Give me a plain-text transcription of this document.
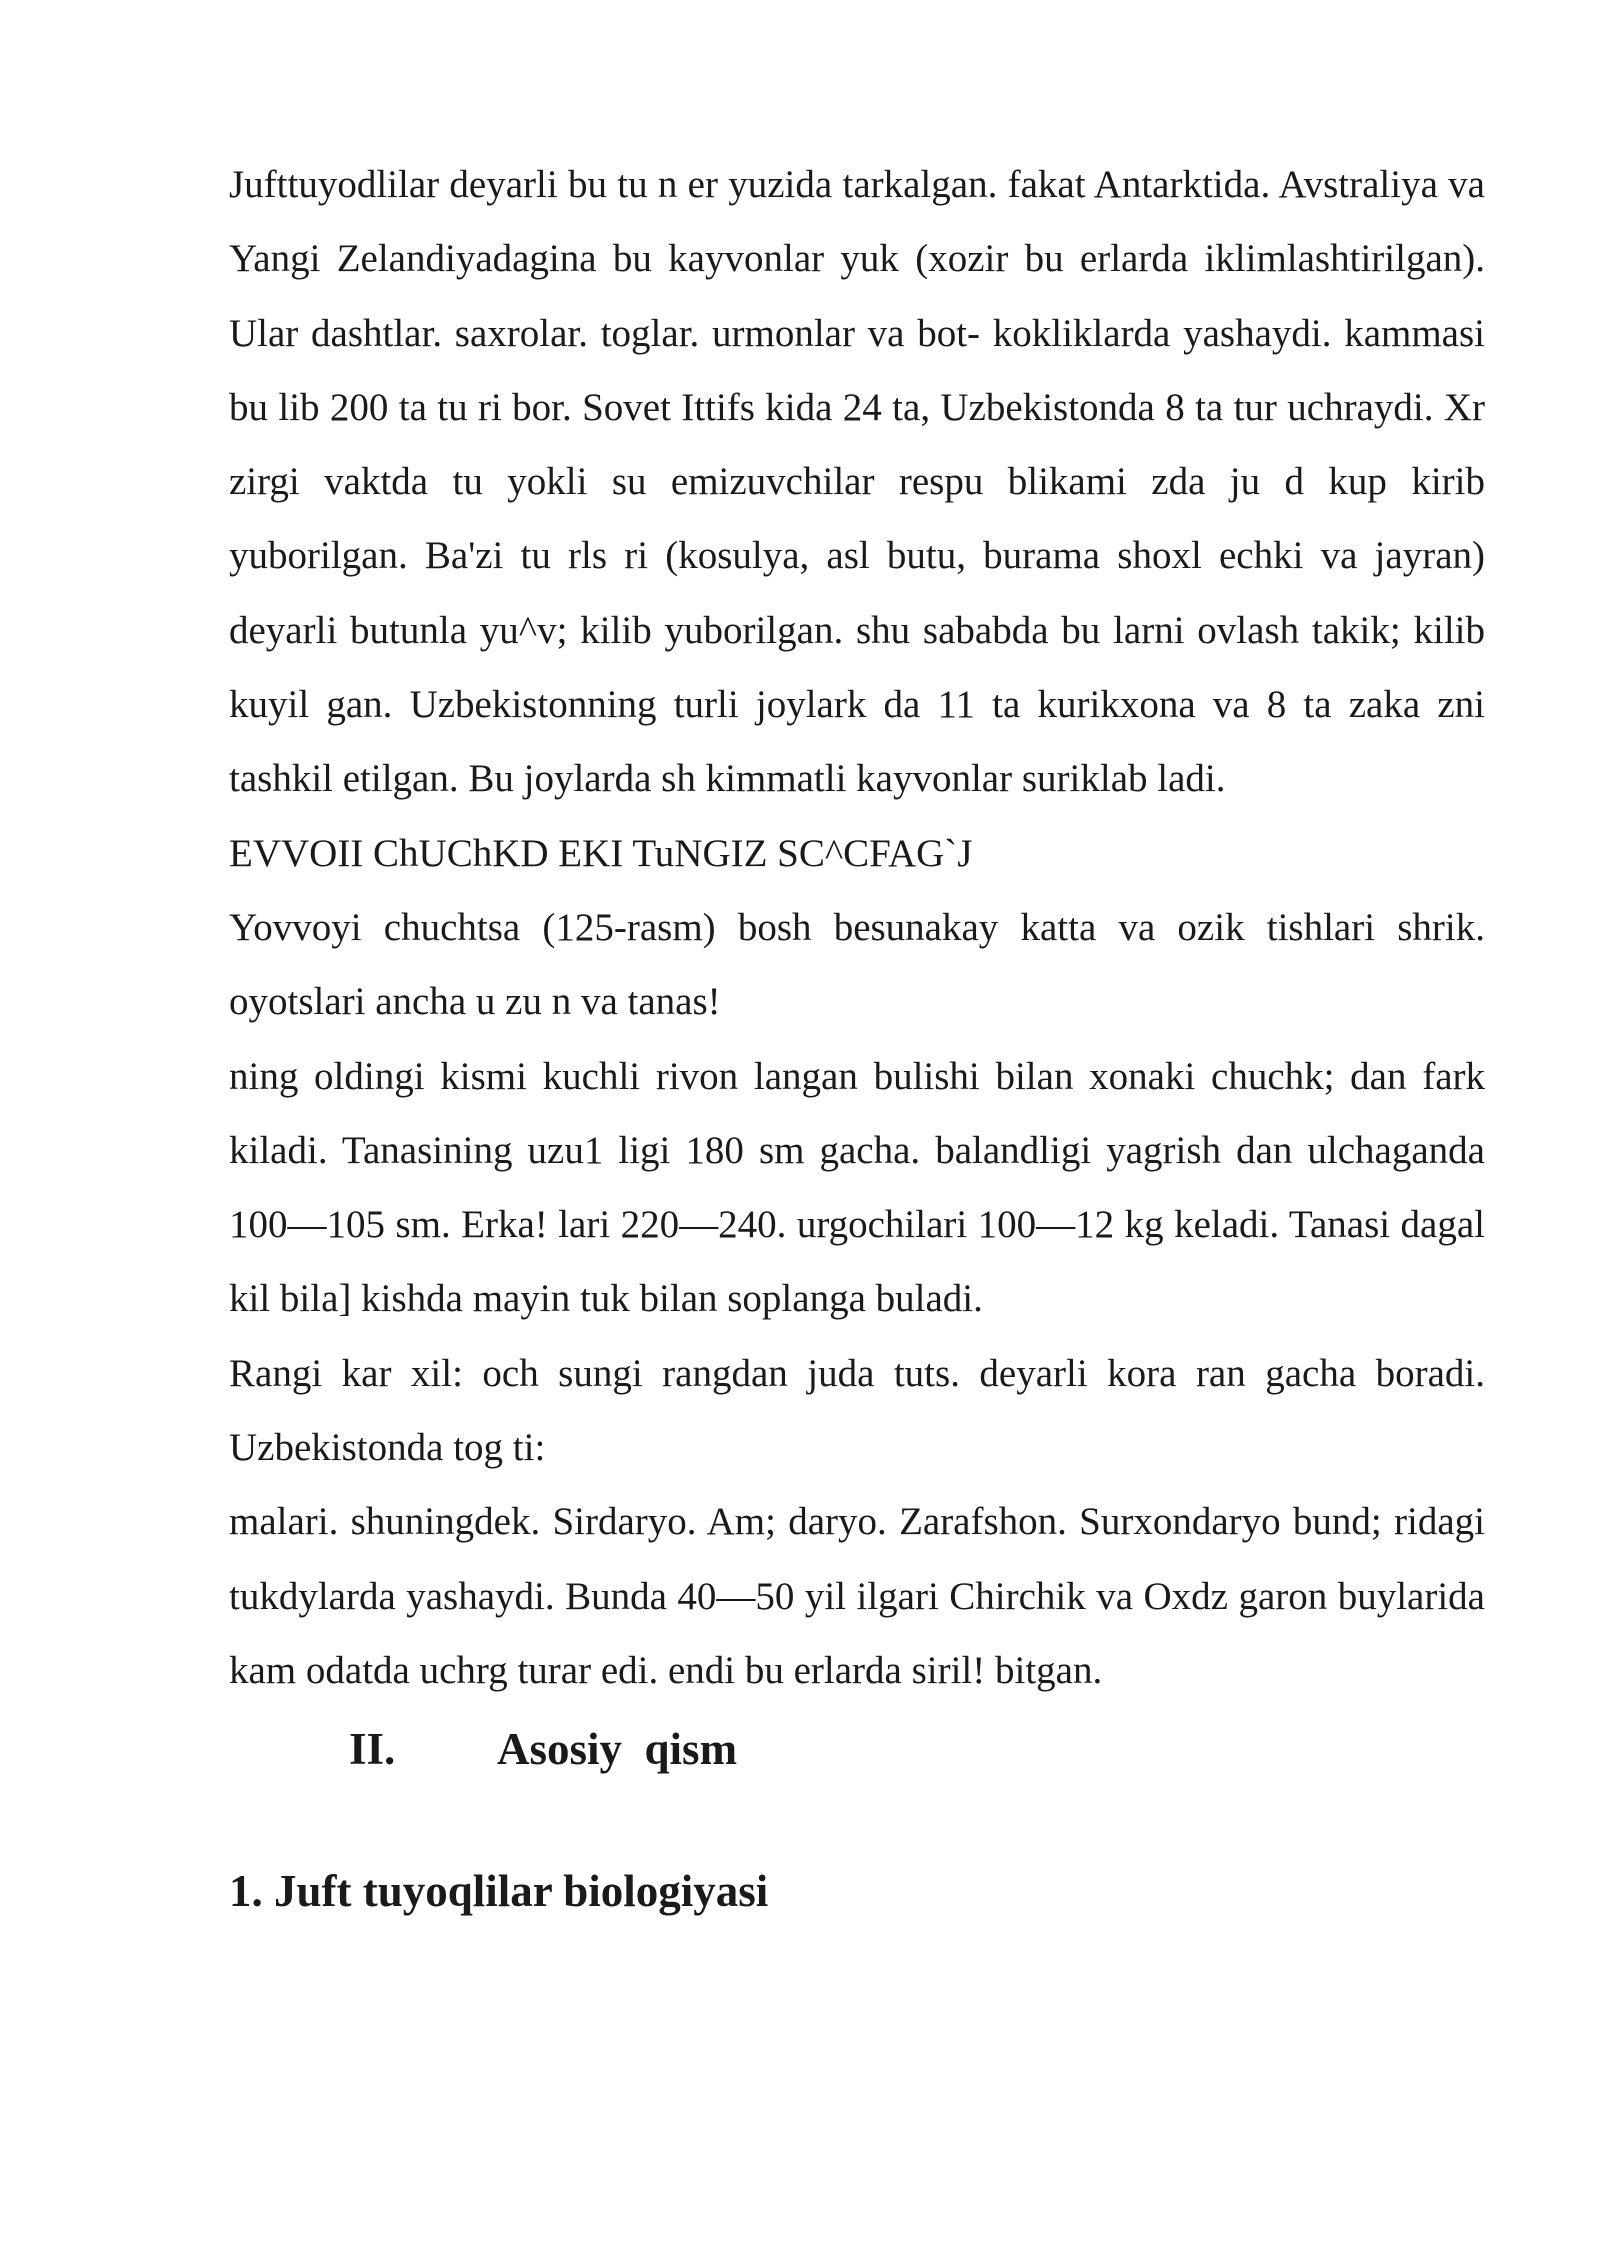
Jufttuyodlilar deyarli bu tu n er yuzida tarkalgan. fakat Antarktida. Avstraliya va Yangi Zelandiyadagina bu kayvonlar yuk (xozir bu erlarda iklimlashtirilgan). Ular dashtlar. saxrolar. toglar. urmonlar va bot- kokliklarda yashaydi. kammasi bu lib 200 ta tu ri bor. Sovet Ittifs kida 24 ta, Uzbekistonda 8 ta tur uchraydi. Xr zirgi vaktda tu yokli su emizuvchilar respu blikami zda ju d kup kirib yuborilgan. Ba'zi tu rls ri (kosulya, asl butu, burama shoxl echki va jayran) deyarli butunla yu^v; kilib yuborilgan. shu sababda bu larni ovlash takik; kilib kuyil gan. Uzbekistonning turli joylark da 11 ta kurikxona va 8 ta zaka zni tashkil etilgan. Bu joylarda sh kimmatli kayvonlar suriklab ladi.

EVVOII ChUChKD EKI TuNGIZ SC^CFAG`J

Yovvoyi chuchtsa (125-rasm) bosh besunakay katta va ozik tishlari shrik. oyotslari ancha u zu n va tanas!

ning oldingi kismi kuchli rivon langan bulishi bilan xonaki chuchk; dan fark kiladi. Tanasining uzu1 ligi 180 sm gacha. balandligi yagrish dan ulchaganda 100—105 sm. Erka! lari 220—240. urgochilari 100—12 kg keladi. Tanasi dagal kil bila] kishda mayin tuk bilan soplanga buladi.

Rangi kar xil: och sungi rangdan juda tuts. deyarli kora ran gacha boradi. Uzbekistonda tog ti:

malari. shuningdek. Sirdaryo. Am; daryo. Zarafshon. Surxondaryo bund; ridagi tukdylarda yashaydi. Bunda 40—50 yil ilgari Chirchik va Oxdz garon buylarida kam odatda uchrg turar edi. endi bu erlarda siril! bitgan.

II. Asosiy  qism
1. Juft tuyoqlilar biologiyasi
